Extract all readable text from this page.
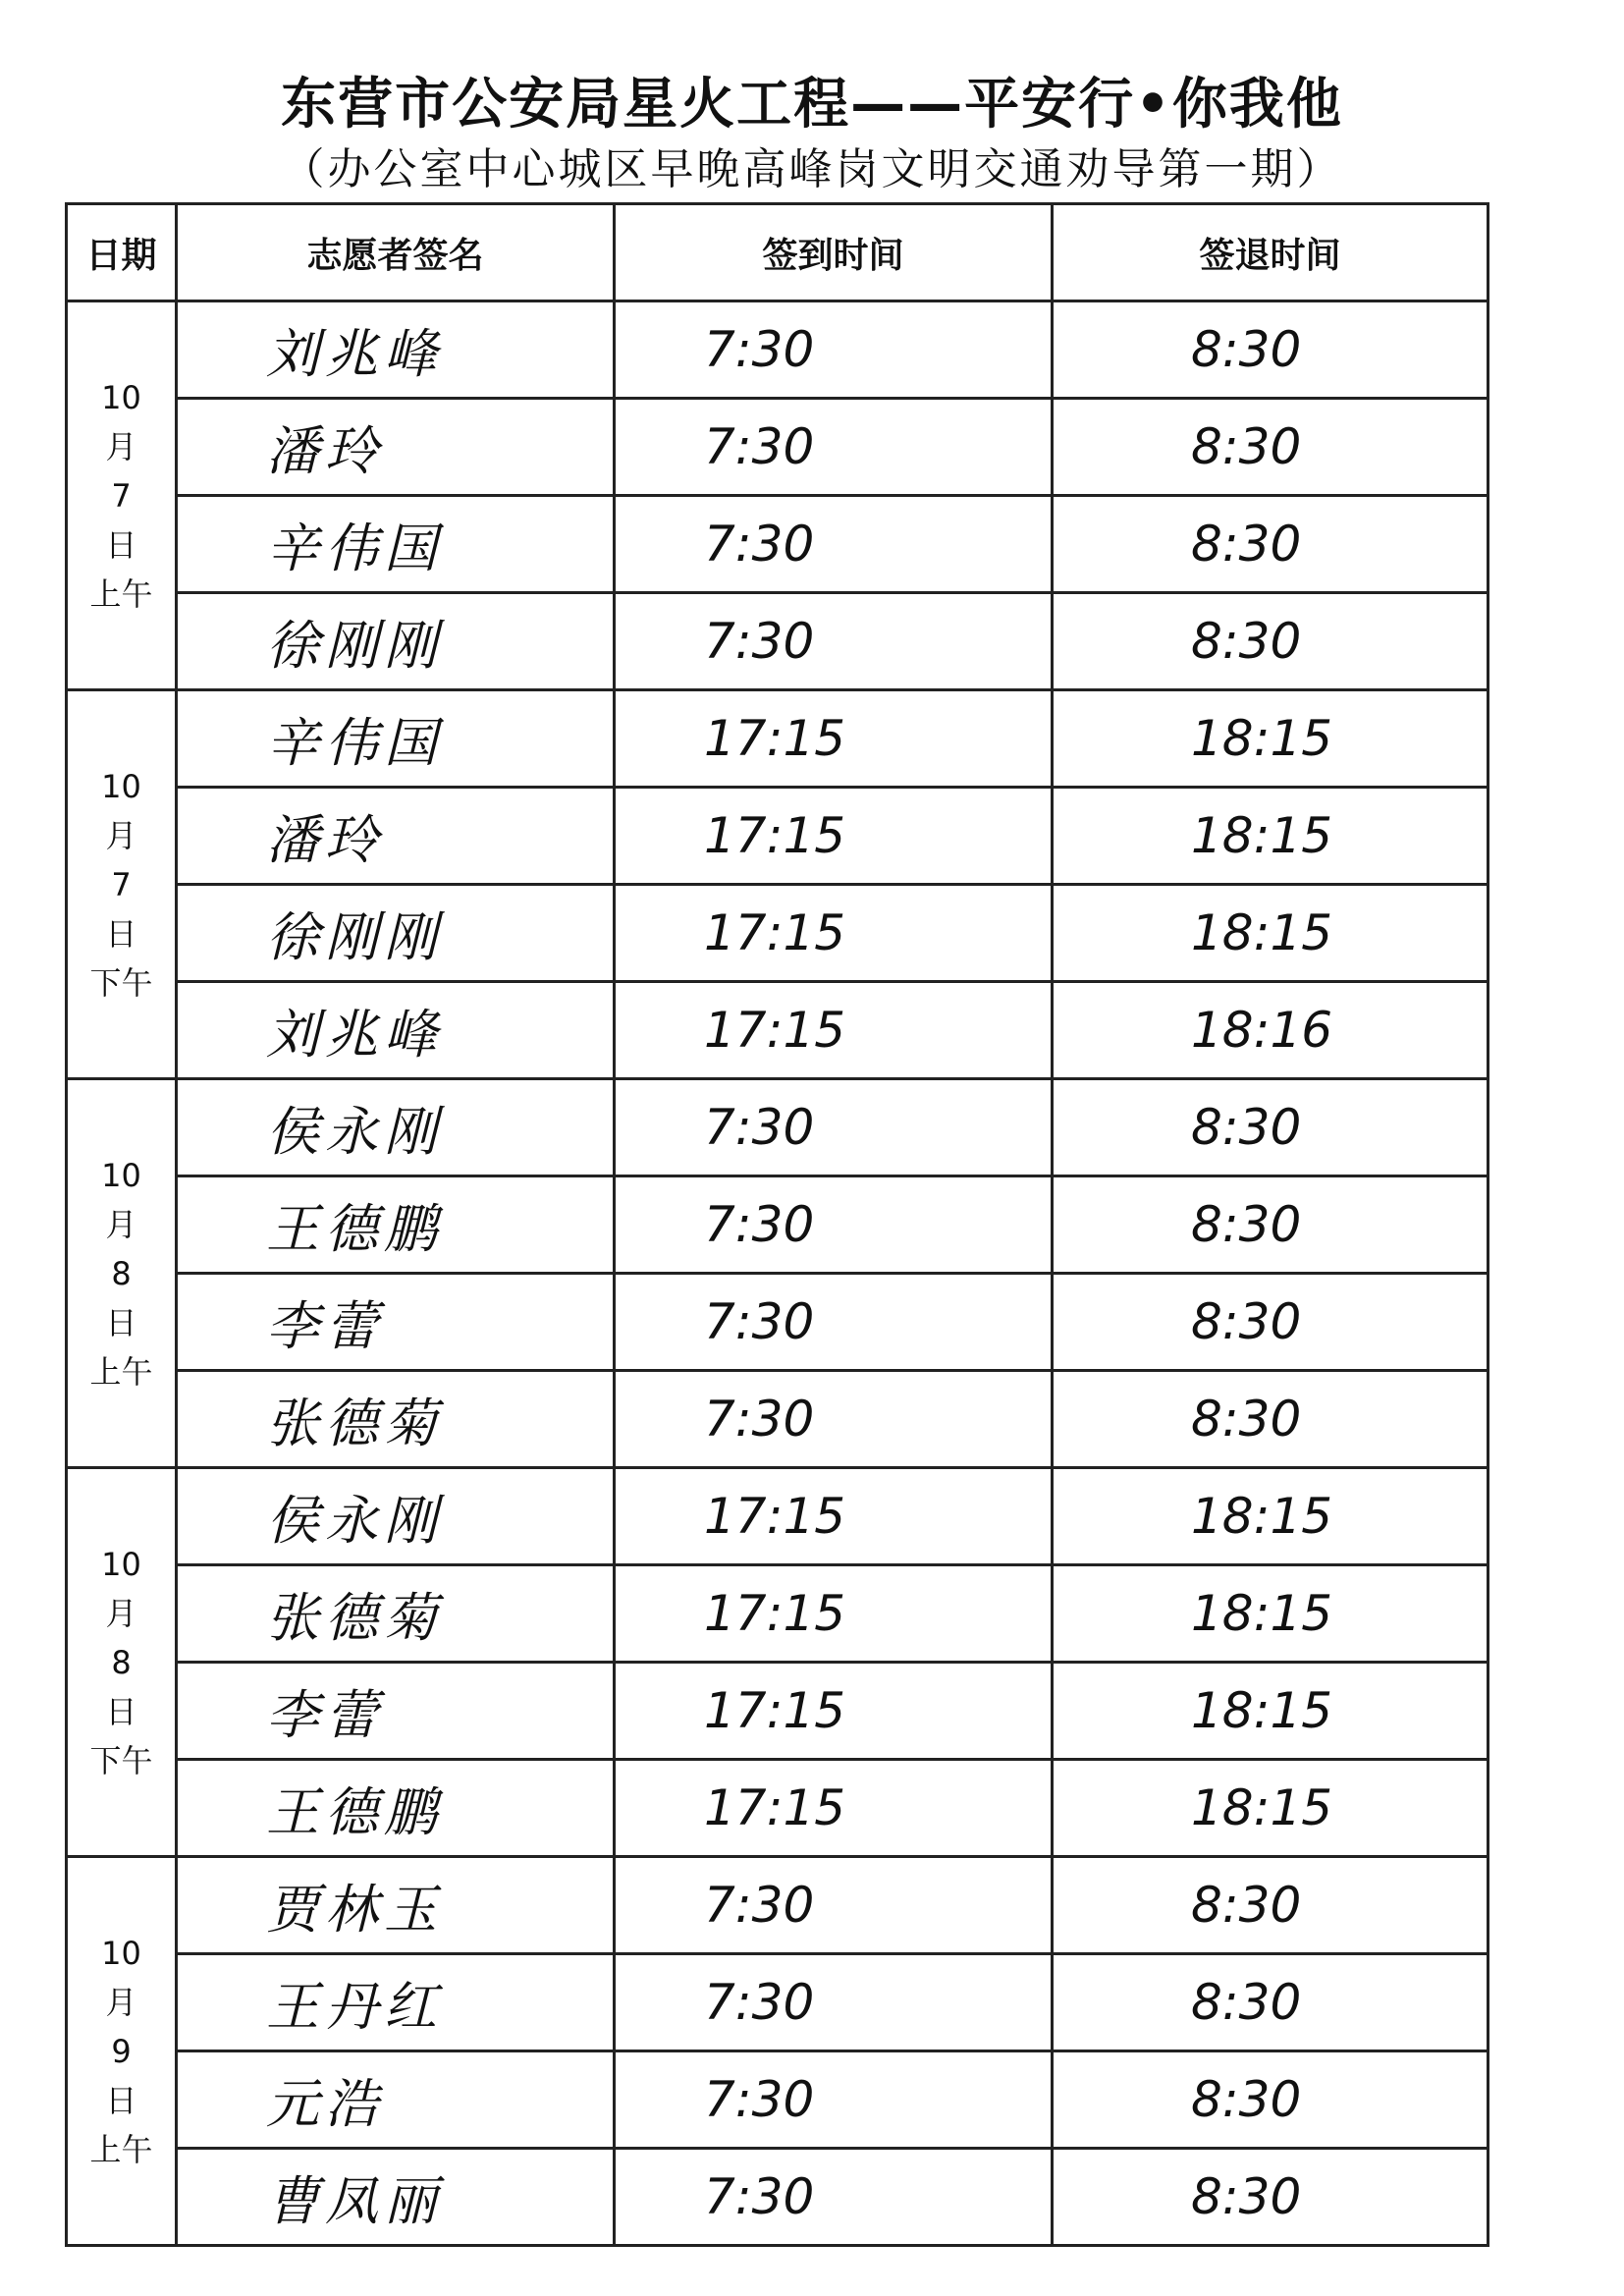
东营市公安局星火工程——平安行•你我他
（办公室中心城区早晚高峰岗文明交通劝导第一期）
日期	志愿者签名	签到时间	签退时间

10
月
7
日
上午	刘兆峰	7:30	8:30
	潘玲	7:30	8:30
	辛伟国	7:30	8:30
	徐刚刚	7:30	8:30

10
月
7
日
下午	辛伟国	17:15	18:15
	潘玲	17:15	18:15
	徐刚刚	17:15	18:15
	刘兆峰	17:15	18:16

10
月
8
日
上午	侯永刚	7:30	8:30
	王德鹏	7:30	8:30
	李蕾	7:30	8:30
	张德菊	7:30	8:30

10
月
8
日
下午	侯永刚	17:15	18:15
	张德菊	17:15	18:15
	李蕾	17:15	18:15
	王德鹏	17:15	18:15

10
月
9
日
上午	贾林玉	7:30	8:30
	王丹红	7:30	8:30
	元浩	7:30	8:30
	曹凤丽	7:30	8:30
